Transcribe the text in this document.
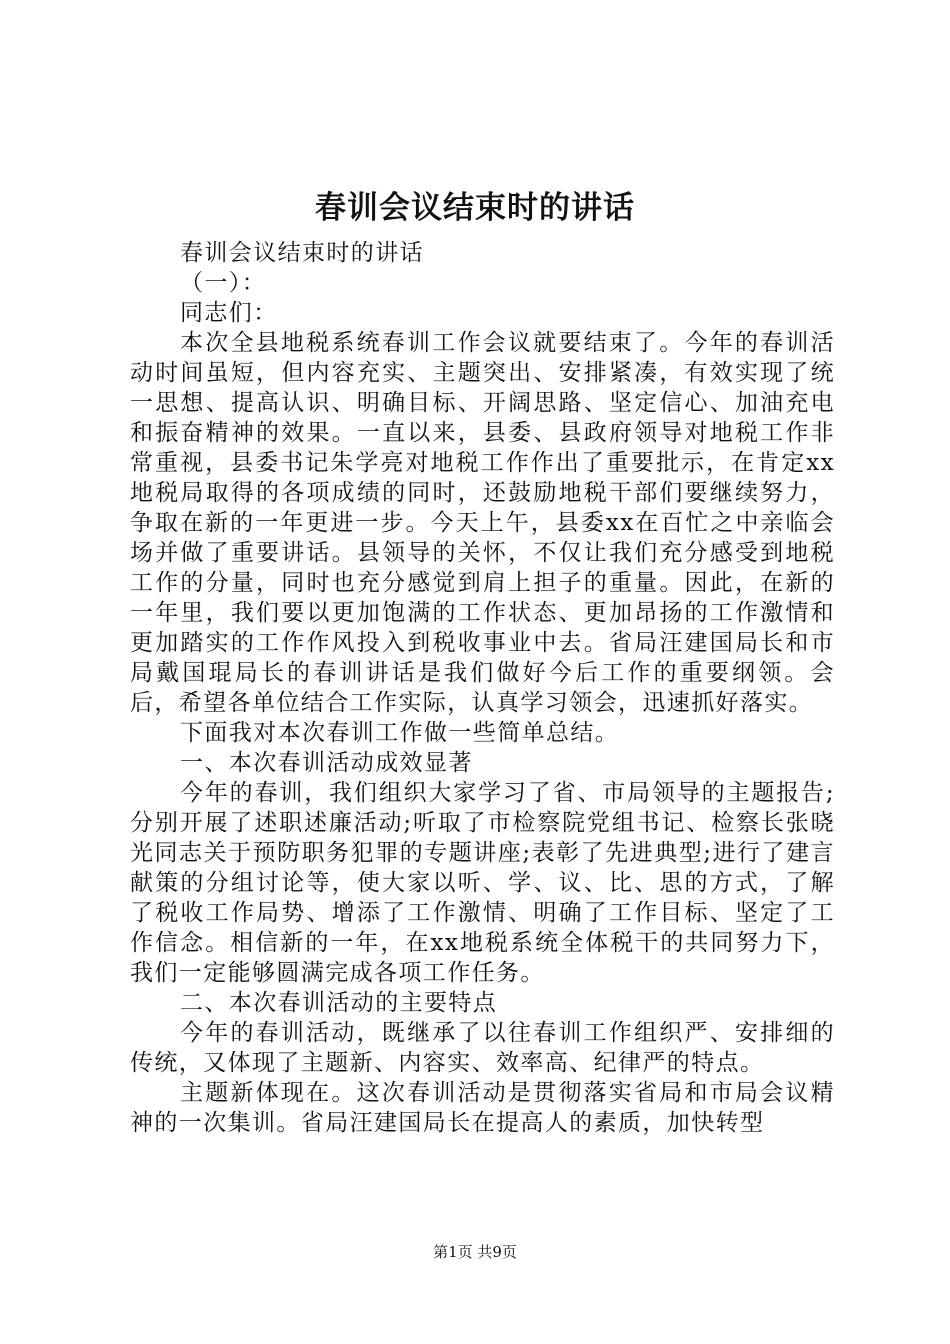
春训会议结束时的讲话

春训会议结束时的讲话

（一）：

同志们：

本次全县地税系统春训工作会议就要结束了。今年的春训活动时间虽短，但内容充实、主题突出、安排紧凑，有效实现了统一思想、提高认识、明确目标、开阔思路、坚定信心、加油充电和振奋精神的效果。一直以来，县委、县政府领导对地税工作非常重视，县委书记朱学亮对地税工作作出了重要批示，在肯定xx地税局取得的各项成绩的同时，还鼓励地税干部们要继续努力，争取在新的一年更进一步。今天上午，县委xx在百忙之中亲临会场并做了重要讲话。县领导的关怀，不仅让我们充分感受到地税工作的分量，同时也充分感觉到肩上担子的重量。因此，在新的一年里，我们要以更加饱满的工作状态、更加昂扬的工作激情和更加踏实的工作作风投入到税收事业中去。省局汪建国局长和市局戴国琨局长的春训讲话是我们做好今后工作的重要纲领。会后，希望各单位结合工作实际，认真学习领会，迅速抓好落实。

下面我对本次春训工作做一些简单总结。

一、本次春训活动成效显著

今年的春训，我们组织大家学习了省、市局领导的主题报告;分别开展了述职述廉活动;听取了市检察院党组书记、检察长张晓光同志关于预防职务犯罪的专题讲座;表彰了先进典型;进行了建言献策的分组讨论等，使大家以听、学、议、比、思的方式，了解了税收工作局势、增添了工作激情、明确了工作目标、坚定了工作信念。相信新的一年，在xx地税系统全体税干的共同努力下，我们一定能够圆满完成各项工作任务。

二、本次春训活动的主要特点

今年的春训活动，既继承了以往春训工作组织严、安排细的传统，又体现了主题新、内容实、效率高、纪律严的特点。

主题新体现在。这次春训活动是贯彻落实省局和市局会议精神的一次集训。省局汪建国局长在提高人的素质，加快转型

第1页 共9页
